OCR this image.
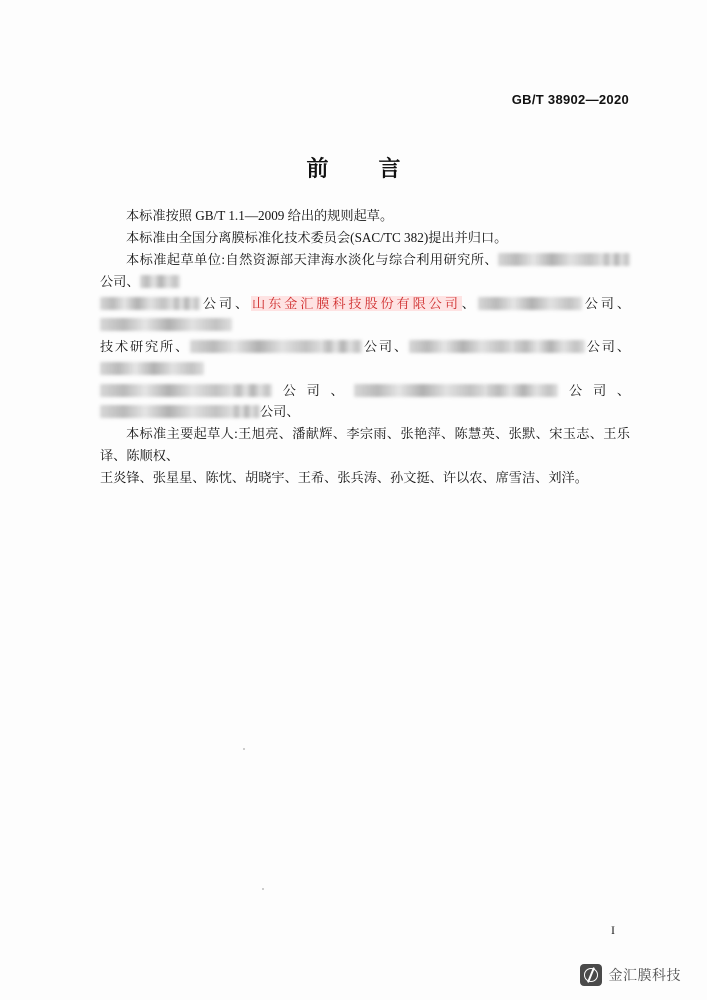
GB/T 38902—2020
前　言

本标准按照 GB/T 1.1—2009 给出的规则起草。

本标准由全国分离膜标准化技术委员会(SAC/TC 382)提出并归口。

本标准起草单位:自然资源部天津海水淡化与综合利用研究所、公司、

公司、山东金汇膜科技股份有限公司、	公司、

技术研究所、	公司、	公司、

公司、	公司、公司、

本标准主要起草人:王旭亮、潘献辉、李宗雨、张艳萍、陈慧英、张默、宋玉志、王乐译、陈顺权、

王炎锋、张星星、陈忱、胡晓宇、王希、张兵涛、孙文挺、许以农、席雪洁、刘洋。

I
金汇膜科技
